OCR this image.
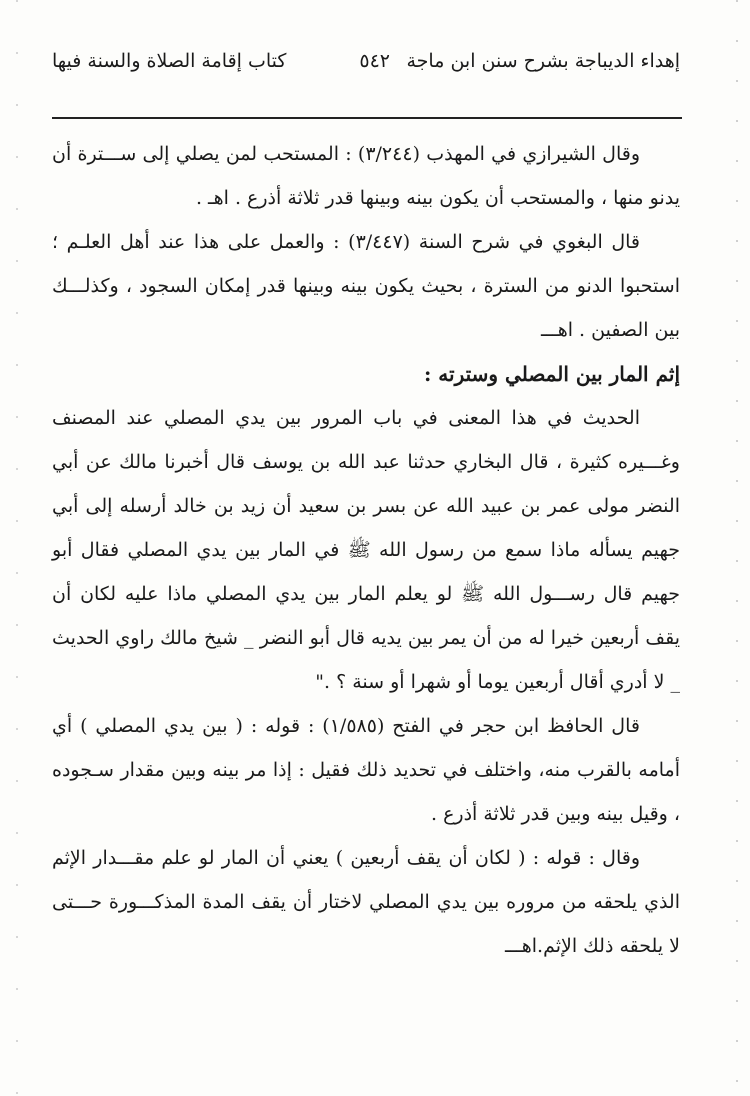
إهداء الديباجة بشرح سنن ابن ماجة
٥٤٢
كتاب إقامة الصلاة والسنة فيها

وقال الشيرازي في المهذب (٣/٢٤٤) : المستحب لمن يصلي إلى ســـترة أن يدنو منها ، والمستحب أن يكون بينه وبينها قدر ثلاثة أذرع . اهـ .

قال البغوي في شرح السنة (٣/٤٤٧) : والعمل على هذا عند أهل العلـم ؛ استحبوا الدنو من السترة ، بحيث يكون بينه وبينها قدر إمكان السجود ، وكذلـــك بين الصفين . اهـــ

إثم المار بين المصلي وسترته :

الحديث في هذا المعنى في باب المرور بين يدي المصلي عند المصنف وغـــيره كثيرة ، قال البخاري حدثنا عبد الله بن يوسف قال أخبرنا مالك عن أبي النضر مولى عمر بن عبيد الله عن بسر بن سعيد أن زيد بن خالد أرسله إلى أبي جهيم يسأله ماذا سمع من رسول الله ﷺ في المار بين يدي المصلي فقال أبو جهيم قال رســـول الله ﷺ لو يعلم المار بين يدي المصلي ماذا عليه لكان أن يقف أربعين خيرا له من أن يمر بين يديه قال أبو النضر _ شيخ مالك راوي الحديث _ لا أدري أقال أربعين يوما أو شهرا أو سنة ؟ ."

قال الحافظ ابن حجر في الفتح (١/٥٨٥) : قوله : ( بين يدي المصلي ) أي أمامه بالقرب منه، واختلف في تحديد ذلك فقيل : إذا مر بينه وبين مقدار سـجوده ، وقيل بينه وبين قدر ثلاثة أذرع .

وقال : قوله : ( لكان أن يقف أربعين ) يعني أن المار لو علم مقـــدار الإثم الذي يلحقه من مروره بين يدي المصلي لاختار أن يقف المدة المذكـــورة حـــتى لا يلحقه ذلك الإثم.اهـــ
